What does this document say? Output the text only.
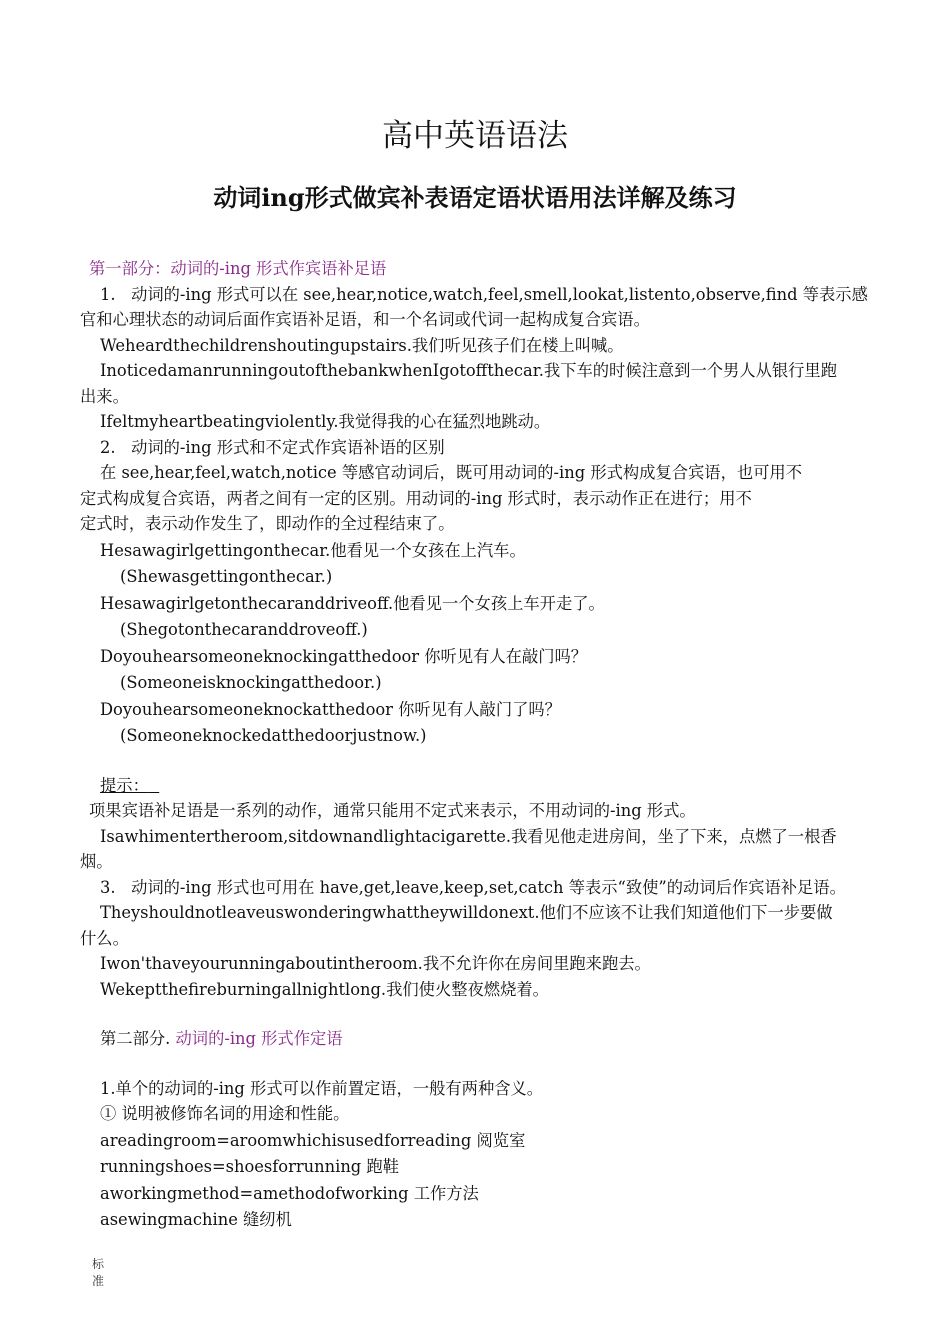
高中英语语法
动词ing形式做宾补表语定语状语用法详解及练习
第一部分：动词的-ing 形式作宾语补足语
1. 动词的-ing 形式可以在 see,hear,notice,watch,feel,smell,lookat,listento,observe,find 等表示感
官和心理状态的动词后面作宾语补足语，和一个名词或代词一起构成复合宾语。
Weheardthechildrenshoutingupstairs.我们听见孩子们在楼上叫喊。
InoticedamanrunningoutofthebankwhenIgotoffthecar.我下车的时候注意到一个男人从银行里跑
出来。
Ifeltmyheartbeatingviolently.我觉得我的心在猛烈地跳动。
2. 动词的-ing 形式和不定式作宾语补语的区别
在 see,hear,feel,watch,notice 等感官动词后，既可用动词的-ing 形式构成复合宾语，也可用不
定式构成复合宾语，两者之间有一定的区别。用动词的-ing 形式时，表示动作正在进行；用不
定式时，表示动作发生了，即动作的全过程结束了。
Hesawagirlgettingonthecar.他看见一个女孩在上汽车。
(Shewasgettingonthecar.)
Hesawagirlgetonthecaranddriveoff.他看见一个女孩上车开走了。
(Shegotonthecaranddroveoff.)
Doyouhearsomeoneknockingatthedoor 你听见有人在敲门吗？
(Someoneisknockingatthedoor.)
Doyouhearsomeoneknockatthedoor 你听见有人敲门了吗？
(Someoneknockedatthedoorjustnow.)
提示：
项果宾语补足语是一系列的动作，通常只能用不定式来表示，不用动词的-ing 形式。
Isawhimentertheroom,sitdownandlightacigarette.我看见他走进房间，坐了下来，点燃了一根香
烟。
3. 动词的-ing 形式也可用在 have,get,leave,keep,set,catch 等表示“致使”的动词后作宾语补足语。
Theyshouldnotleaveuswonderingwhattheywilldonext.他们不应该不让我们知道他们下一步要做
什么。
Iwon'thaveyourunningaboutintheroom.我不允许你在房间里跑来跑去。
Wekeptthefireburningallnightlong.我们使火整夜燃烧着。
第二部分. 动词的-ing 形式作定语
1.单个的动词的-ing 形式可以作前置定语，一般有两种含义。
① 说明被修饰名词的用途和性能。
areadingroom=aroomwhichisusedforreading 阅览室
runningshoes=shoesforrunning 跑鞋
aworkingmethod=amethodofworking 工作方法
asewingmachine 缝纫机
标准
